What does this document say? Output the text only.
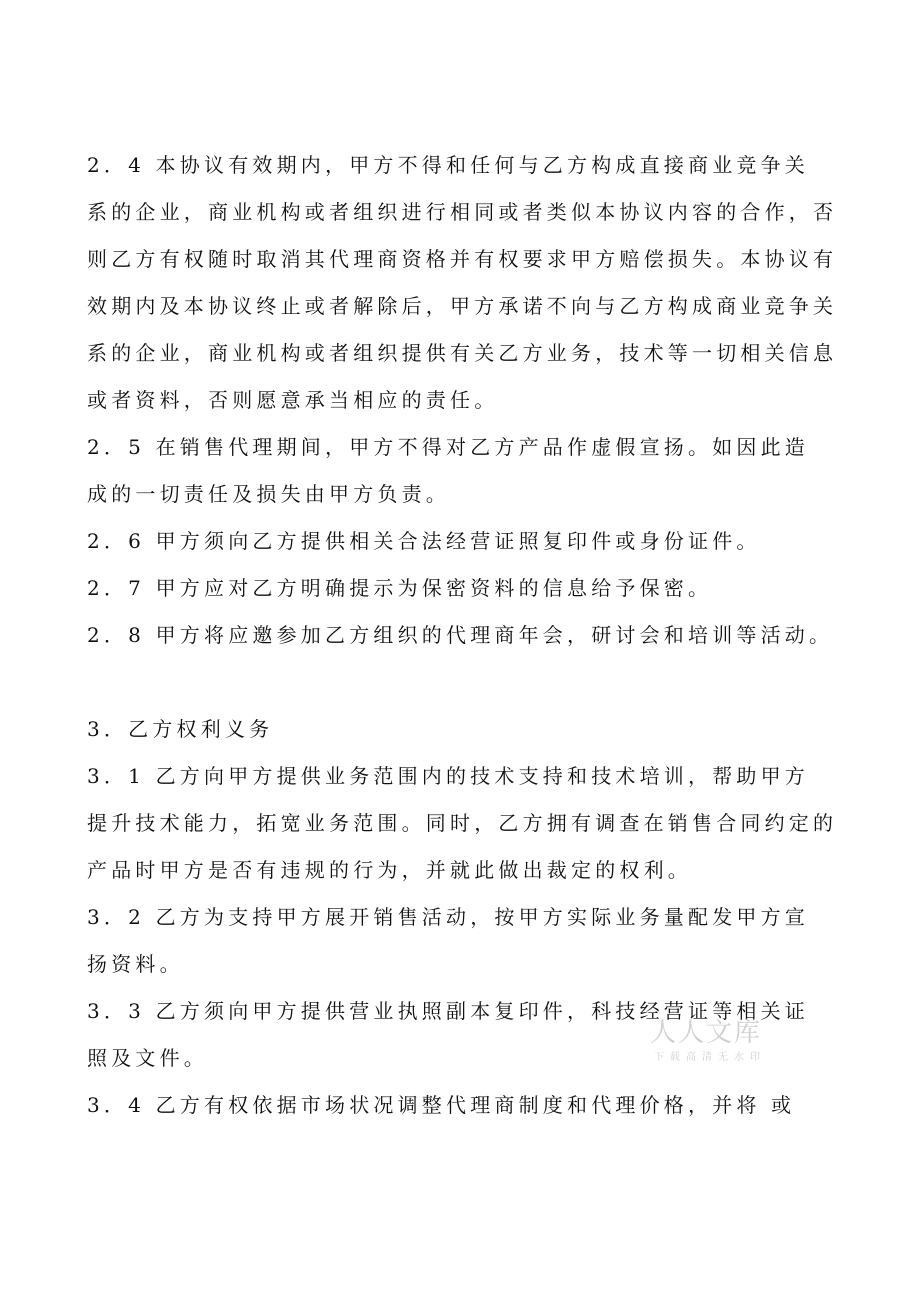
2．4 本协议有效期内，甲方不得和任何与乙方构成直接商业竞争关
系的企业，商业机构或者组织进行相同或者类似本协议内容的合作，否
则乙方有权随时取消其代理商资格并有权要求甲方赔偿损失。本协议有
效期内及本协议终止或者解除后，甲方承诺不向与乙方构成商业竞争关
系的企业，商业机构或者组织提供有关乙方业务，技术等一切相关信息
或者资料，否则愿意承当相应的责任。
2．5 在销售代理期间，甲方不得对乙方产品作虚假宣扬。如因此造
成的一切责任及损失由甲方负责。
2．6 甲方须向乙方提供相关合法经营证照复印件或身份证件。
2．7 甲方应对乙方明确提示为保密资料的信息给予保密。
2．8 甲方将应邀参加乙方组织的代理商年会，研讨会和培训等活动。
3．乙方权利义务
3．1 乙方向甲方提供业务范围内的技术支持和技术培训，帮助甲方
提升技术能力，拓宽业务范围。同时，乙方拥有调查在销售合同约定的
产品时甲方是否有违规的行为，并就此做出裁定的权利。
3．2 乙方为支持甲方展开销售活动，按甲方实际业务量配发甲方宣
扬资料。
3．3 乙方须向甲方提供营业执照副本复印件，科技经营证等相关证
照及文件。
3．4 乙方有权依据市场状况调整代理商制度和代理价格，并将 或
人人文库
下载高清无水印
